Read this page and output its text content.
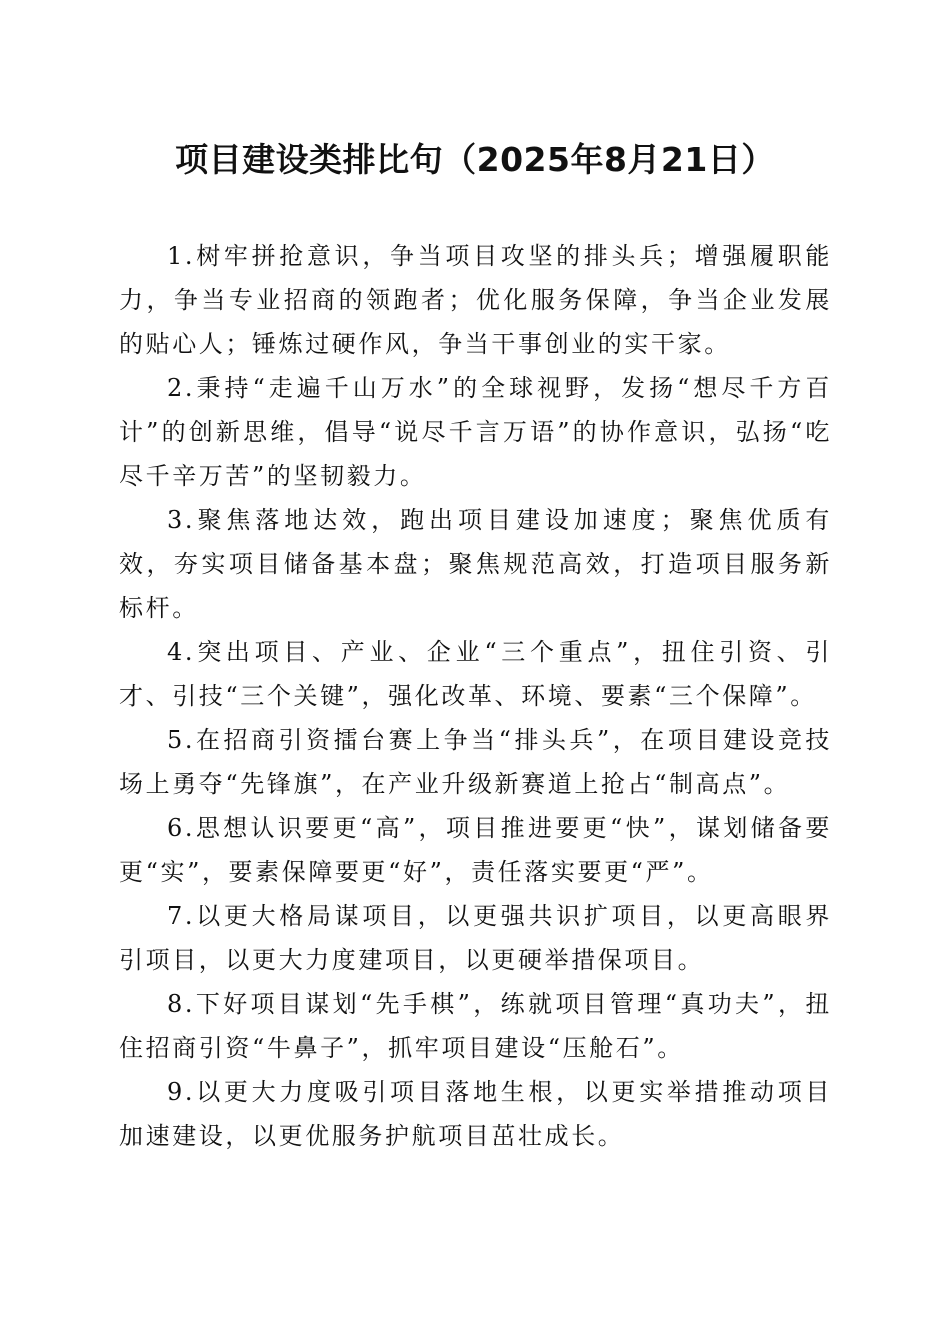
项目建设类排比句（2025年8月21日）

1.树牢拼抢意识，争当项目攻坚的排头兵；增强履职能力，争当专业招商的领跑者；优化服务保障，争当企业发展的贴心人；锤炼过硬作风，争当干事创业的实干家。

2.秉持“走遍千山万水”的全球视野，发扬“想尽千方百计”的创新思维，倡导“说尽千言万语”的协作意识，弘扬“吃尽千辛万苦”的坚韧毅力。

3.聚焦落地达效，跑出项目建设加速度；聚焦优质有效，夯实项目储备基本盘；聚焦规范高效，打造项目服务新标杆。

4.突出项目、产业、企业“三个重点”，扭住引资、引才、引技“三个关键”，强化改革、环境、要素“三个保障”。

5.在招商引资擂台赛上争当“排头兵”，在项目建设竞技场上勇夺“先锋旗”，在产业升级新赛道上抢占“制高点”。

6.思想认识要更“高”，项目推进要更“快”，谋划储备要更“实”，要素保障要更“好”，责任落实要更“严”。

7.以更大格局谋项目，以更强共识扩项目，以更高眼界引项目，以更大力度建项目，以更硬举措保项目。

8.下好项目谋划“先手棋”，练就项目管理“真功夫”，扭住招商引资“牛鼻子”，抓牢项目建设“压舱石”。

9.以更大力度吸引项目落地生根，以更实举措推动项目加速建设，以更优服务护航项目茁壮成长。
